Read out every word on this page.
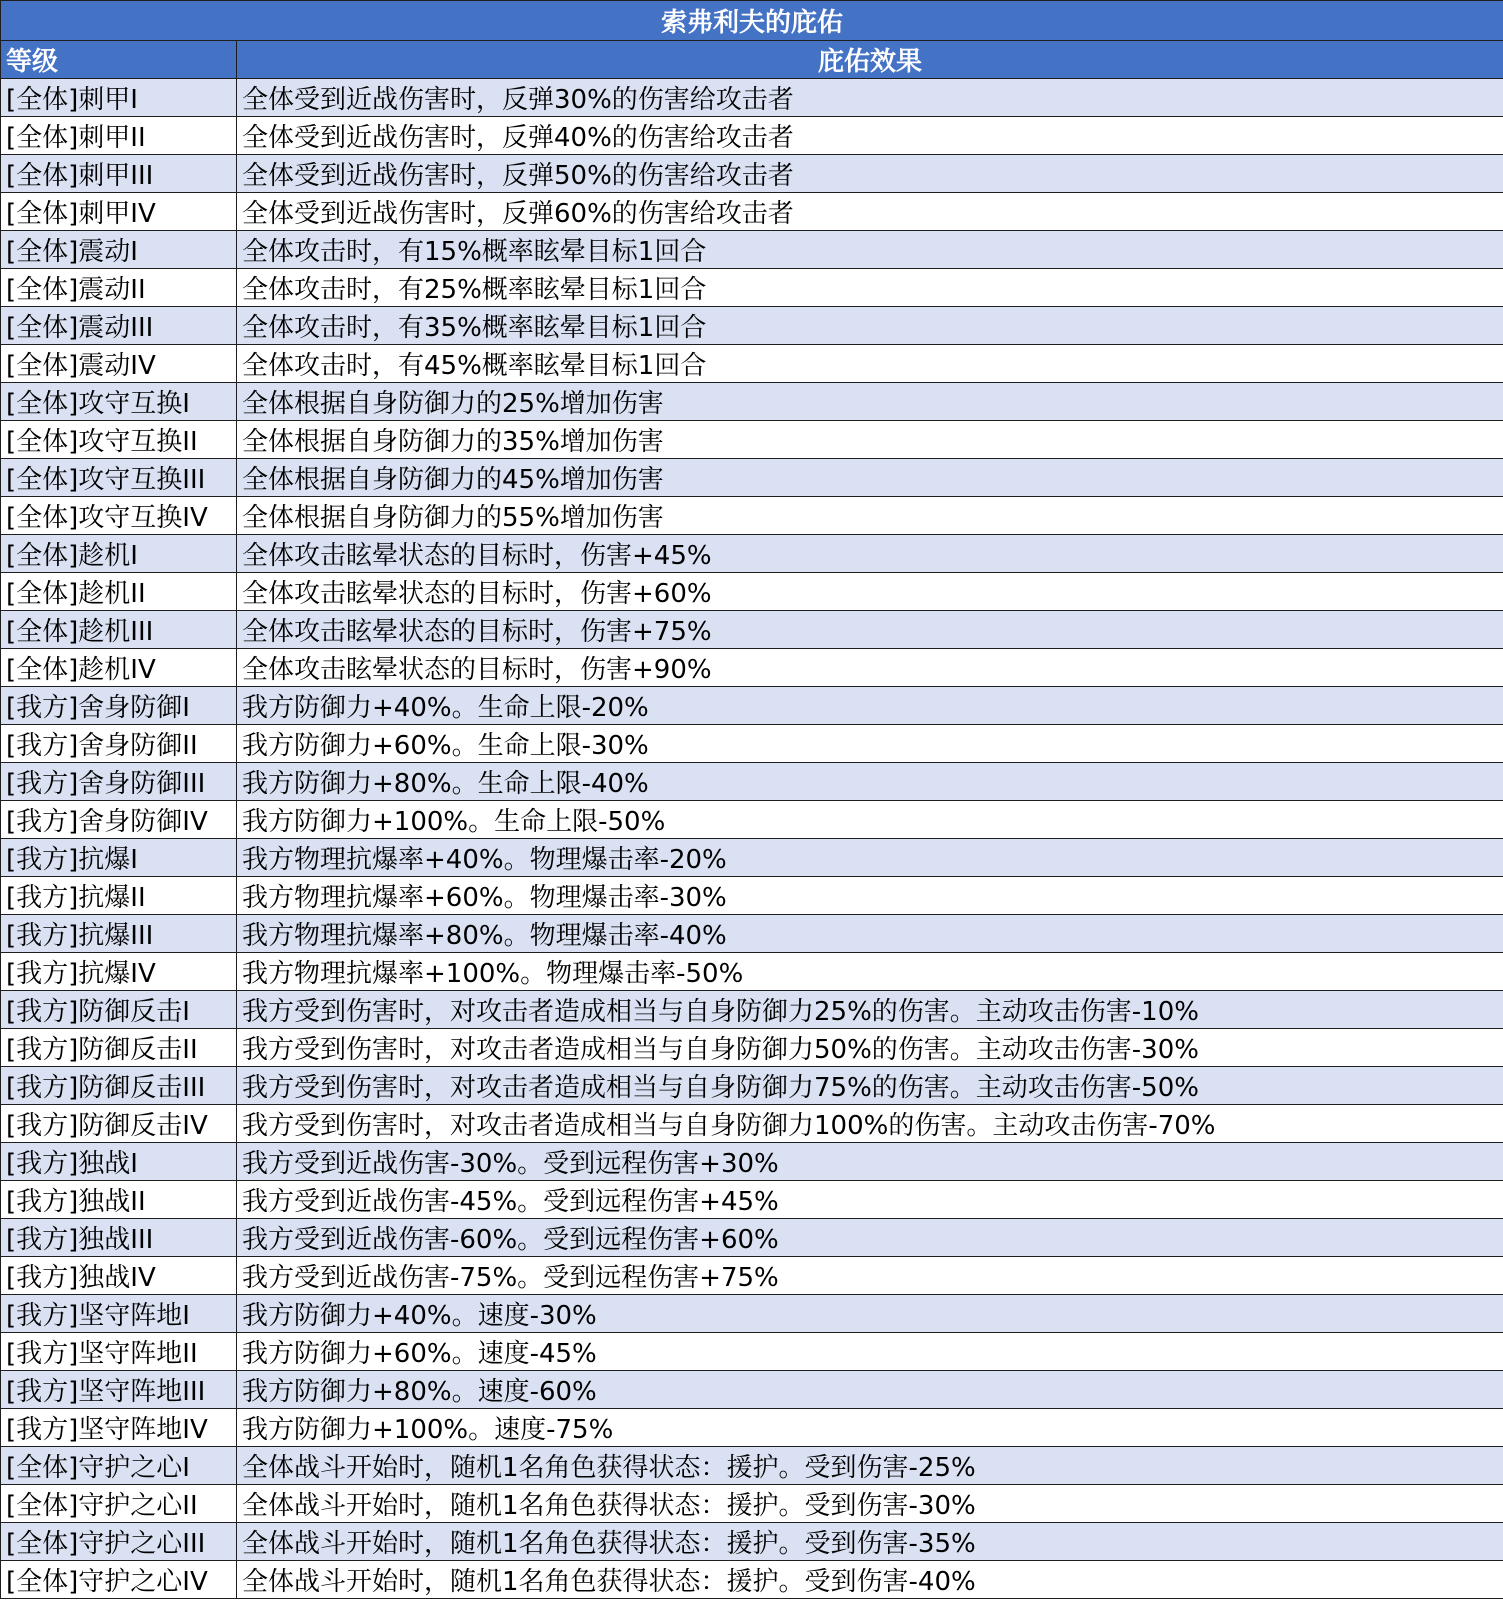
索弗利夫的庇佑	
等级	庇佑效果
[全体]刺甲I	全体受到近战伤害时，反弹30%的伤害给攻击者
[全体]刺甲II	全体受到近战伤害时，反弹40%的伤害给攻击者
[全体]刺甲III	全体受到近战伤害时，反弹50%的伤害给攻击者
[全体]刺甲IV	全体受到近战伤害时，反弹60%的伤害给攻击者
[全体]震动I	全体攻击时，有15%概率眩晕目标1回合
[全体]震动II	全体攻击时，有25%概率眩晕目标1回合
[全体]震动III	全体攻击时，有35%概率眩晕目标1回合
[全体]震动IV	全体攻击时，有45%概率眩晕目标1回合
[全体]攻守互换I	全体根据自身防御力的25%增加伤害
[全体]攻守互换II	全体根据自身防御力的35%增加伤害
[全体]攻守互换III	全体根据自身防御力的45%增加伤害
[全体]攻守互换IV	全体根据自身防御力的55%增加伤害
[全体]趁机I	全体攻击眩晕状态的目标时，伤害+45%
[全体]趁机II	全体攻击眩晕状态的目标时，伤害+60%
[全体]趁机III	全体攻击眩晕状态的目标时，伤害+75%
[全体]趁机IV	全体攻击眩晕状态的目标时，伤害+90%
[我方]舍身防御I	我方防御力+40%。生命上限-20%
[我方]舍身防御II	我方防御力+60%。生命上限-30%
[我方]舍身防御III	我方防御力+80%。生命上限-40%
[我方]舍身防御IV	我方防御力+100%。生命上限-50%
[我方]抗爆I	我方物理抗爆率+40%。物理爆击率-20%
[我方]抗爆II	我方物理抗爆率+60%。物理爆击率-30%
[我方]抗爆III	我方物理抗爆率+80%。物理爆击率-40%
[我方]抗爆IV	我方物理抗爆率+100%。物理爆击率-50%
[我方]防御反击I	我方受到伤害时，对攻击者造成相当与自身防御力25%的伤害。主动攻击伤害-10%
[我方]防御反击II	我方受到伤害时，对攻击者造成相当与自身防御力50%的伤害。主动攻击伤害-30%
[我方]防御反击III	我方受到伤害时，对攻击者造成相当与自身防御力75%的伤害。主动攻击伤害-50%
[我方]防御反击IV	我方受到伤害时，对攻击者造成相当与自身防御力100%的伤害。主动攻击伤害-70%
[我方]独战I	我方受到近战伤害-30%。受到远程伤害+30%
[我方]独战II	我方受到近战伤害-45%。受到远程伤害+45%
[我方]独战III	我方受到近战伤害-60%。受到远程伤害+60%
[我方]独战IV	我方受到近战伤害-75%。受到远程伤害+75%
[我方]坚守阵地I	我方防御力+40%。速度-30%
[我方]坚守阵地II	我方防御力+60%。速度-45%
[我方]坚守阵地III	我方防御力+80%。速度-60%
[我方]坚守阵地IV	我方防御力+100%。速度-75%
[全体]守护之心I	全体战斗开始时，随机1名角色获得状态：援护。受到伤害-25%
[全体]守护之心II	全体战斗开始时，随机1名角色获得状态：援护。受到伤害-30%
[全体]守护之心III	全体战斗开始时，随机1名角色获得状态：援护。受到伤害-35%
[全体]守护之心IV	全体战斗开始时，随机1名角色获得状态：援护。受到伤害-40%
